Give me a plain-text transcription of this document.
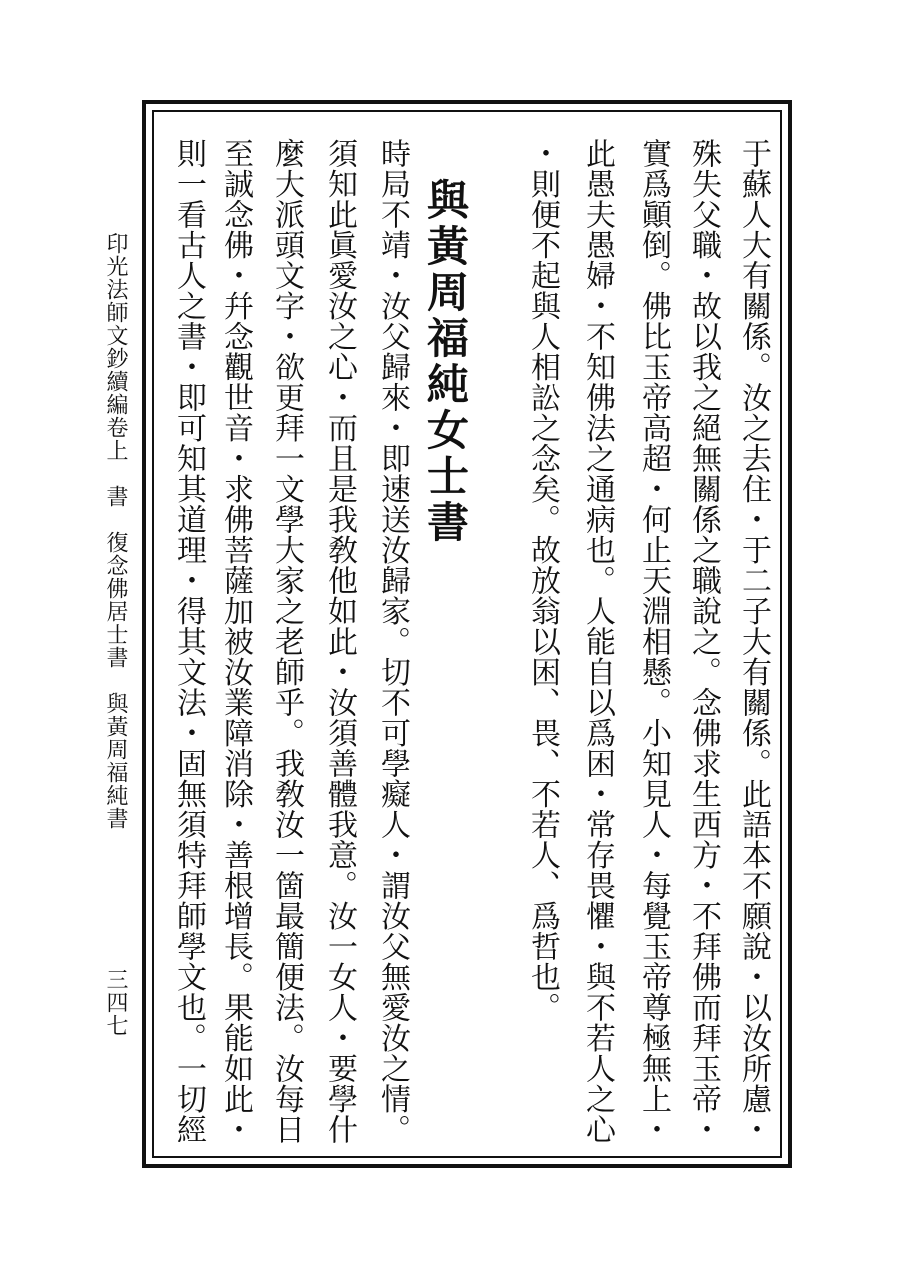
印光法師文鈔續編卷上　書　復念佛居士書　與黃周福純書
三四七	于蘇人大有關係。汝之去住・于二子大有關係。此語本不願說・以汝所慮・
殊失父職・故以我之絕無關係之職說之。念佛求生西方・不拜佛而拜玉帝・
實爲顚倒。佛比玉帝高超・何止天淵相懸。小知見人・每覺玉帝尊極無上・
此愚夫愚婦・不知佛法之通病也。人能自以爲困・常存畏懼・與不若人之心
・則便不起與人相訟之念矣。故放翁以困、畏、不若人、爲哲也。
與黃周福純女士書
時局不靖・汝父歸來・即速送汝歸家。切不可學癡人・謂汝父無愛汝之情。
須知此眞愛汝之心・而且是我敎他如此・汝須善體我意。汝一女人・要學什
麼大派頭文字・欲更拜一文學大家之老師乎。我敎汝一箇最簡便法。汝每日
至誠念佛・幷念觀世音・求佛菩薩加被汝業障消除・善根增長。果能如此・
則一看古人之書・即可知其道理・得其文法・固無須特拜師學文也。一切經
